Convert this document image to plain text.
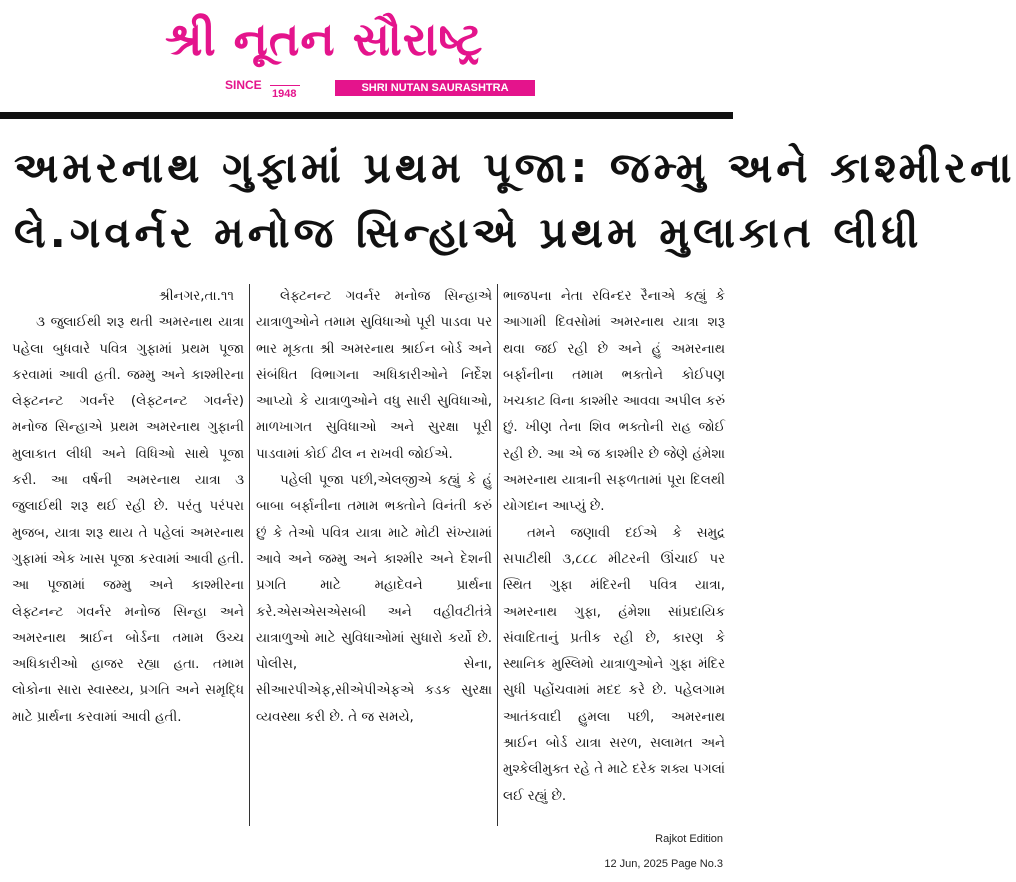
શ્રી નૂતન સૌરાષ્ટ્ર
SINCE
1948	SHRI NUTAN SAURASHTRA
અમરનાથ ગુફામાં પ્રથમ પૂજા: જમ્મુ અને કાશ્મીરના
લે.ગવર્નર મનોજ સિન્હાએ પ્રથમ મુલાકાત લીધી
શ્રીનગર,તા.૧૧

૩ જુલાઈથી શરૂ થતી અમરનાથ યાત્રા પહેલા બુધવારે પવિત્ર ગુફામાં પ્રથમ પૂજા કરવામાં આવી હતી. જમ્મુ અને કાશ્મીરના લેફ્ટનન્ટ ગવર્નર (લેફ્ટનન્ટ ગવર્નર) મનોજ સિન્હાએ પ્રથમ અમરનાથ ગુફાની મુલાકાત લીધી અને વિધિઓ સાથે પૂજા કરી. આ વર્ષની અમરનાથ યાત્રા ૩ જુલાઈથી શરૂ થઈ રહી છે. પરંતુ પરંપરા મુજબ, યાત્રા શરૂ થાય તે પહેલાં અમરનાથ ગુફામાં એક ખાસ પૂજા કરવામાં આવી હતી. આ પૂજામાં જમ્મુ અને કાશ્મીરના લેફ્ટનન્ટ ગવર્નર મનોજ સિન્હા અને અમરનાથ શ્રાઈન બોર્ડના તમામ ઉચ્ચ અધિકારીઓ હાજર રહ્યા હતા. તમામ લોકોના સારા સ્વાસ્થ્ય, પ્રગતિ અને સમૃદ્ધિ માટે પ્રાર્થના કરવામાં આવી હતી.

લેફ્ટનન્ટ ગવર્નર મનોજ સિન્હાએ યાત્રાળુઓને તમામ સુવિધાઓ પૂરી પાડવા પર ભાર મૂકતા શ્રી અમરનાથ શ્રાઈન બોર્ડ અને સંબંધિત વિભાગના અધિકારીઓને નિર્દેશ આપ્યો કે યાત્રાળુઓને વધુ સારી સુવિધાઓ, માળખાગત સુવિધાઓ અને સુરક્ષા પૂરી પાડવામાં કોઈ ઢીલ ન રાખવી જોઈએ.

પહેલી પૂજા પછી,એલજીએ કહ્યું કે હું બાબા બર્ફાનીના તમામ ભક્તોને વિનંતી કરું છું કે તેઓ પવિત્ર યાત્રા માટે મોટી સંખ્યામાં આવે અને જમ્મુ અને કાશ્મીર અને દેશની પ્રગતિ માટે મહાદેવને પ્રાર્થના કરે.એસએસએસબી અને વહીવટીતંત્રે યાત્રાળુઓ માટે સુવિધાઓમાં સુધારો કર્યો છે. પોલીસ, સેના, સીઆરપીએફ,સીએપીએફએ કડક સુરક્ષા વ્યવસ્થા કરી છે. તે જ સમયે,

ભાજપના નેતા રવિન્દર રૈનાએ કહ્યું કે આગામી દિવસોમાં અમરનાથ યાત્રા શરૂ થવા જઈ રહી છે અને હું અમરનાથ બર્ફાનીના તમામ ભક્તોને કોઈપણ ખચકાટ વિના કાશ્મીર આવવા અપીલ કરું છું. ખીણ તેના શિવ ભક્તોની રાહ જોઈ રહી છે. આ એ જ કાશ્મીર છે જેણે હંમેશા અમરનાથ યાત્રાની સફળતામાં પૂરા દિલથી યોગદાન આપ્યું છે.

તમને જણાવી દઈએ કે સમુદ્ર સપાટીથી ૩,૮૮૮ મીટરની ઊંચાઈ પર સ્થિત ગુફા મંદિરની પવિત્ર યાત્રા, અમરનાથ ગુફા, હંમેશા સાંપ્રદાયિક સંવાદિતાનું પ્રતીક રહી છે, કારણ કે સ્થાનિક મુસ્લિમો યાત્રાળુઓને ગુફા મંદિર સુધી પહોંચવામાં મદદ કરે છે. પહેલગામ આતંકવાદી હુમલા પછી, અમરનાથ શ્રાઈન બોર્ડ યાત્રા સરળ, સલામત અને મુશ્કેલીમુક્ત રહે તે માટે દરેક શક્ય પગલાં લઈ રહ્યું છે.

Rajkot Edition
12 Jun, 2025 Page No.3
